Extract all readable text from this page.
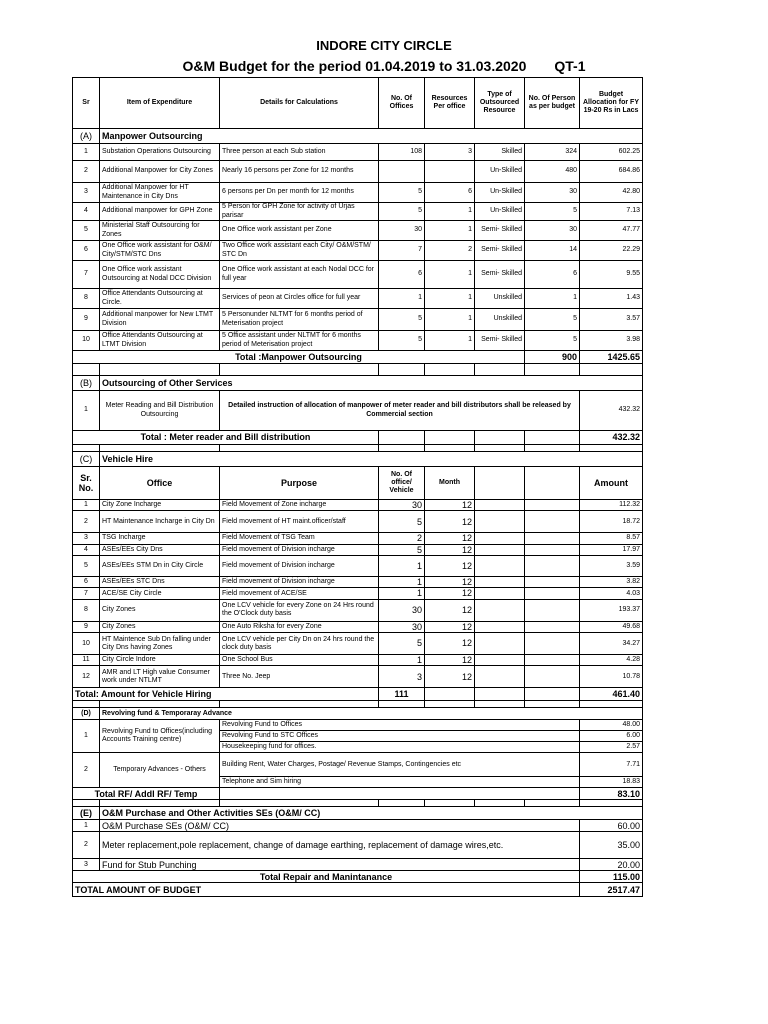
INDORE CITY CIRCLE
O&M Budget for the period 01.04.2019 to 31.03.2020 QT-1
Sr	Item of Expenditure	Details for Calculations	No. Of Offices	Resources Per office	Type of Outsourced Resource	No. Of Person as per budget	Budget Allocation for FY 19-20 Rs in Lacs
(A)	Manpower Outsourcing						
1	Substation Operations Outsourcing	Three person at each Sub station	108	3	Skilled	324	602.25
2	Additional Manpower for City Zones	Nearly 16 persons per Zone for 12 months			Un-Skilled	480	684.86
3	Additional Manpower for HT Maintenance in City Dns	6 persons per Dn per month for 12 months	5	6	Un-Skilled	30	42.80
4	Additional manpower for GPH Zone	5 Person for GPH Zone for activity of Urjas parisar	5	1	Un-Skilled	5	7.13
5	Ministerial Staff Outsourcing for Zones	One Office work assistant per Zone	30	1	Semi- Skilled	30	47.77
6	One Office work assistant for O&M/ City/STM/STC Dns	Two Office work assistant each City/ O&M/STM/ STC Dn	7	2	Semi- Skilled	14	22.29
7	One Office work assistant Outsourcing at Nodal DCC Division	One Office work assistant at each Nodal DCC for full year	6	1	Semi- Skilled	6	9.55
8	Office Attendants Outsourcing at Circle.	Services of peon at Circles office for full year	1	1	Unskilled	1	1.43
9	Additional manpower for New LTMT Division	5 Personunder NLTMT for 6 months period of Meterisation project	5	1	Unskilled	5	3.57
10	Office Attendants Outsourcing at LTMT Division	5 Office assistant under NLTMT for 6 months period of Meterisation project	5	1	Semi- Skilled	5	3.98
Total :Manpower Outsourcing						900	1425.65

(B)	Outsourcing of Other Services						
1	Meter Reading and Bill Distribution Outsourcing	Detailed instruction of allocation of manpower of meter reader and bill distributors shall be released by Commercial section					432.32
Total : Meter reader and Bill distribution							432.32

(C)	Vehicle Hire						
Sr. No.	Office	Purpose	No. Of office/ Vehicle	Month			Amount
1	City Zone Incharge	Field Movement of Zone incharge	30	12			112.32
2	HT Maintenance Incharge in City Dn	Field movement of HT maint.officer/staff	5	12			18.72
3	TSG Incharge	Field Movement of TSG Team	2	12			8.57
4	ASEs/EEs City Dns	Field movement of Division incharge	5	12			17.97
5	ASEs/EEs STM Dn in City Circle	Field movement of Division incharge	1	12			3.59
6	ASEs/EEs STC Dns	Field movement of Division incharge	1	12			3.82
7	ACE/SE City Circle	Field movement of ACE/SE	1	12			4.03
8	City Zones	One LCV vehicle for every Zone on 24 Hrs round the O'Clock duty basis	30	12			193.37
9	City Zones	One Auto Riksha for every Zone	30	12			49.68
10	HT Maintence Sub Dn falling under City Dns having Zones	One LCV vehicle per City Dn on 24 hrs round the clock duty basis	5	12			34.27
11	City Circle Indore	One School Bus	1	12			4.28
12	AMR and LT High value Consumer work under NTLMT	Three No. Jeep	3	12			10.78
Total: Amount for Vehicle Hiring			111				461.40

(D)	Revolving fund & Temporaray Advance						
1	Revolving Fund to Offices(including Accounts Training centre)	Revolving Fund to Offices					48.00
		Revolving Fund to STC Offices					6.00
		Housekeeping fund for offices.					2.57
2	Temporary Advances - Others	Building Rent, Water Charges, Postage/ Revenue Stamps, Contingencies etc					7.71
		Telephone and Sim hiring					18.83
Total RF/ Addl RF/ Temp							83.10

(E)	O&M Purchase and Other Activities SEs (O&M/ CC)						
1	O&M Purchase SEs (O&M/ CC)						60.00
2	Meter replacement,pole replacement, change of damage earthing, replacement of damage wires,etc.						35.00
3	Fund for Stub Punching						20.00
Total Repair and Manintanance							115.00
TOTAL AMOUNT OF BUDGET							2517.47
